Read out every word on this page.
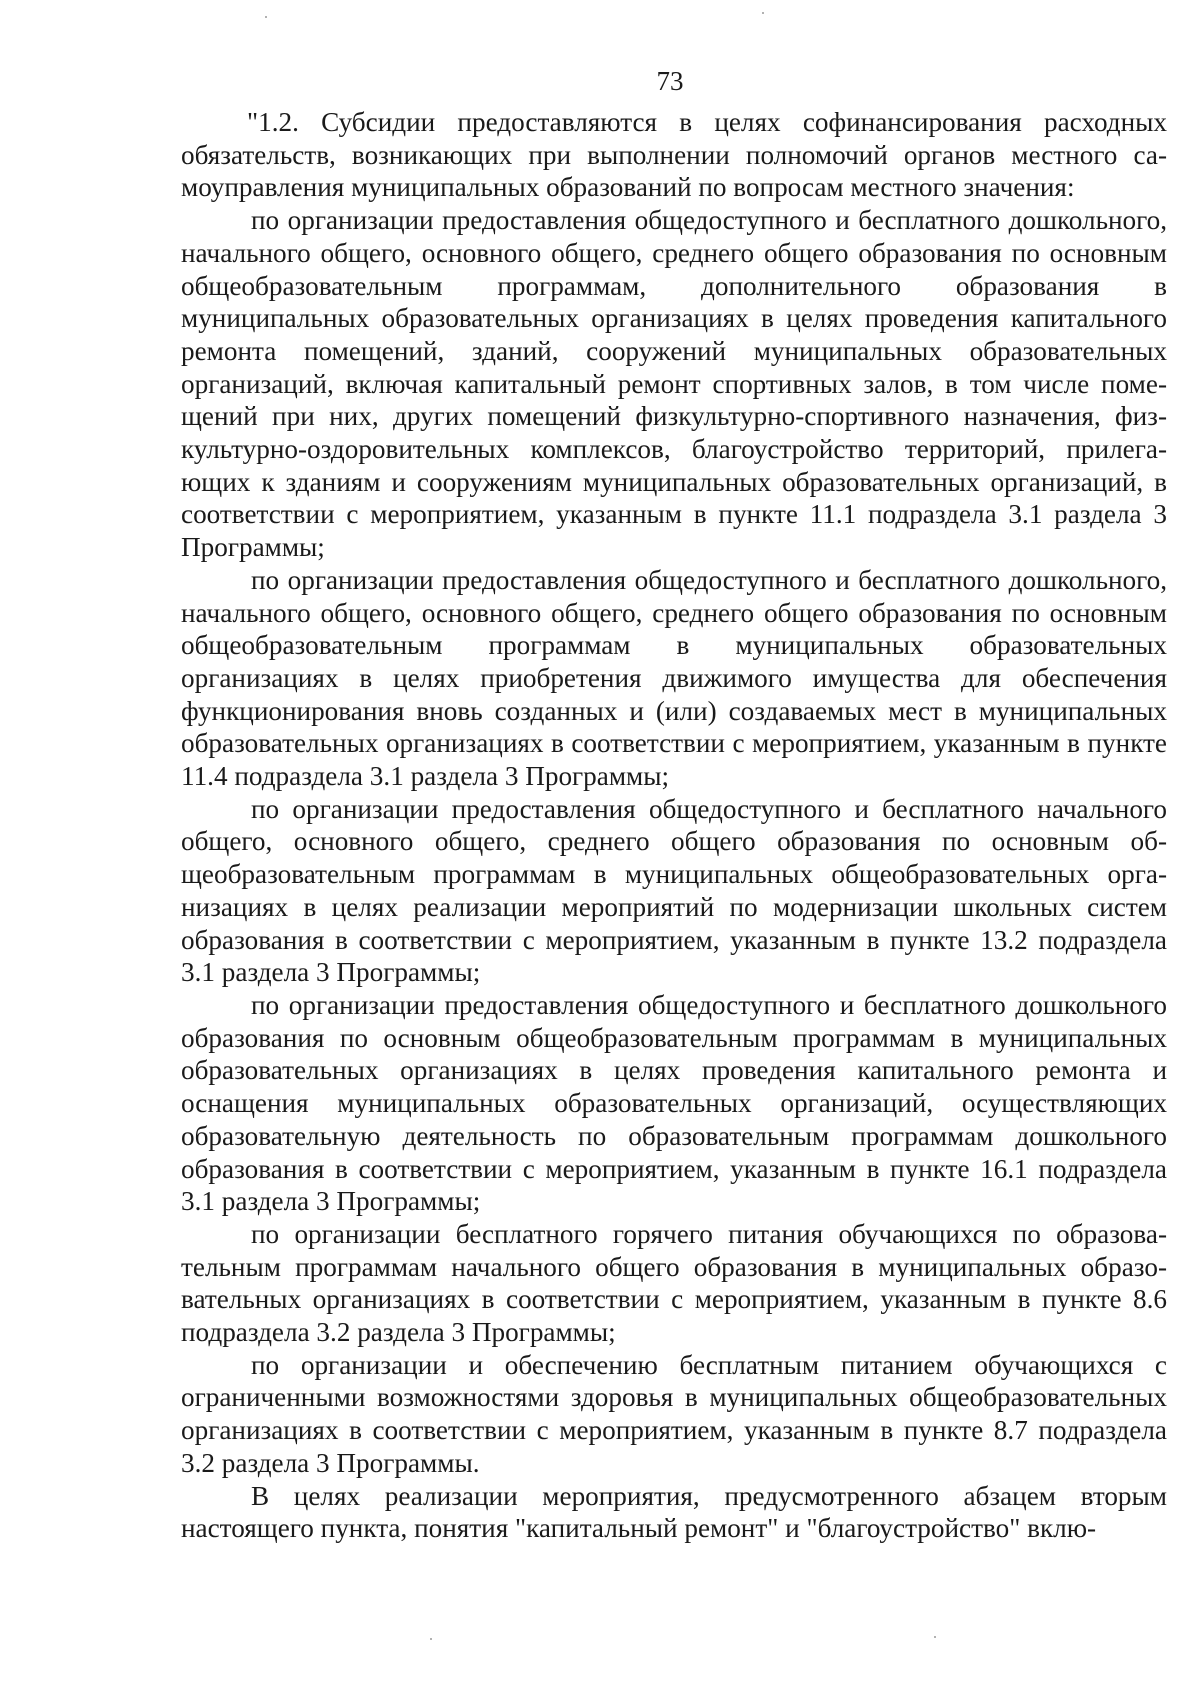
73

"1.2. Субсидии предоставляются в целях софинансирования расходных обязательств, возникающих при выполнении полномочий органов местного самоуправления муниципальных образований по вопросам местного значения:

по организации предоставления общедоступного и бесплатного дошкольного, начального общего, основного общего, среднего общего образования по основным общеобразовательным программам, дополнительного образования в муниципальных образовательных организациях в целях проведения капитального ремонта помещений, зданий, сооружений муниципальных образовательных организаций, включая капитальный ремонт спортивных залов, в том числе помещений при них, других помещений физкультурно-спортивного назначения, физкультурно-оздоровительных комплексов, благоустройство территорий, прилегающих к зданиям и сооружениям муниципальных образовательных организаций, в соответствии с мероприятием, указанным в пункте 11.1 подраздела 3.1 раздела 3 Программы;

по организации предоставления общедоступного и бесплатного дошкольного, начального общего, основного общего, среднего общего образования по основным общеобразовательным программам в муниципальных образовательных организациях в целях приобретения движимого имущества для обеспечения функционирования вновь созданных и (или) создаваемых мест в муниципальных образовательных организациях в соответствии с мероприятием, указанным в пункте 11.4 подраздела 3.1 раздела 3 Программы;

по организации предоставления общедоступного и бесплатного начального общего, основного общего, среднего общего образования по основным общеобразовательным программам в муниципальных общеобразовательных организациях в целях реализации мероприятий по модернизации школьных систем образования в соответствии с мероприятием, указанным в пункте 13.2 подраздела 3.1 раздела 3 Программы;

по организации предоставления общедоступного и бесплатного дошкольного образования по основным общеобразовательным программам в муниципальных образовательных организациях в целях проведения капитального ремонта и оснащения муниципальных образовательных организаций, осуществляющих образовательную деятельность по образовательным программам дошкольного образования в соответствии с мероприятием, указанным в пункте 16.1 подраздела 3.1 раздела 3 Программы;

по организации бесплатного горячего питания обучающихся по образовательным программам начального общего образования в муниципальных образовательных организациях в соответствии с мероприятием, указанным в пункте 8.6 подраздела 3.2 раздела 3 Программы;

по организации и обеспечению бесплатным питанием обучающихся с ограниченными возможностями здоровья в муниципальных общеобразовательных организациях в соответствии с мероприятием, указанным в пункте 8.7 подраздела 3.2 раздела 3 Программы.

В целях реализации мероприятия, предусмотренного абзацем вторым настоящего пункта, понятия "капитальный ремонт" и "благоустройство" вклю-
